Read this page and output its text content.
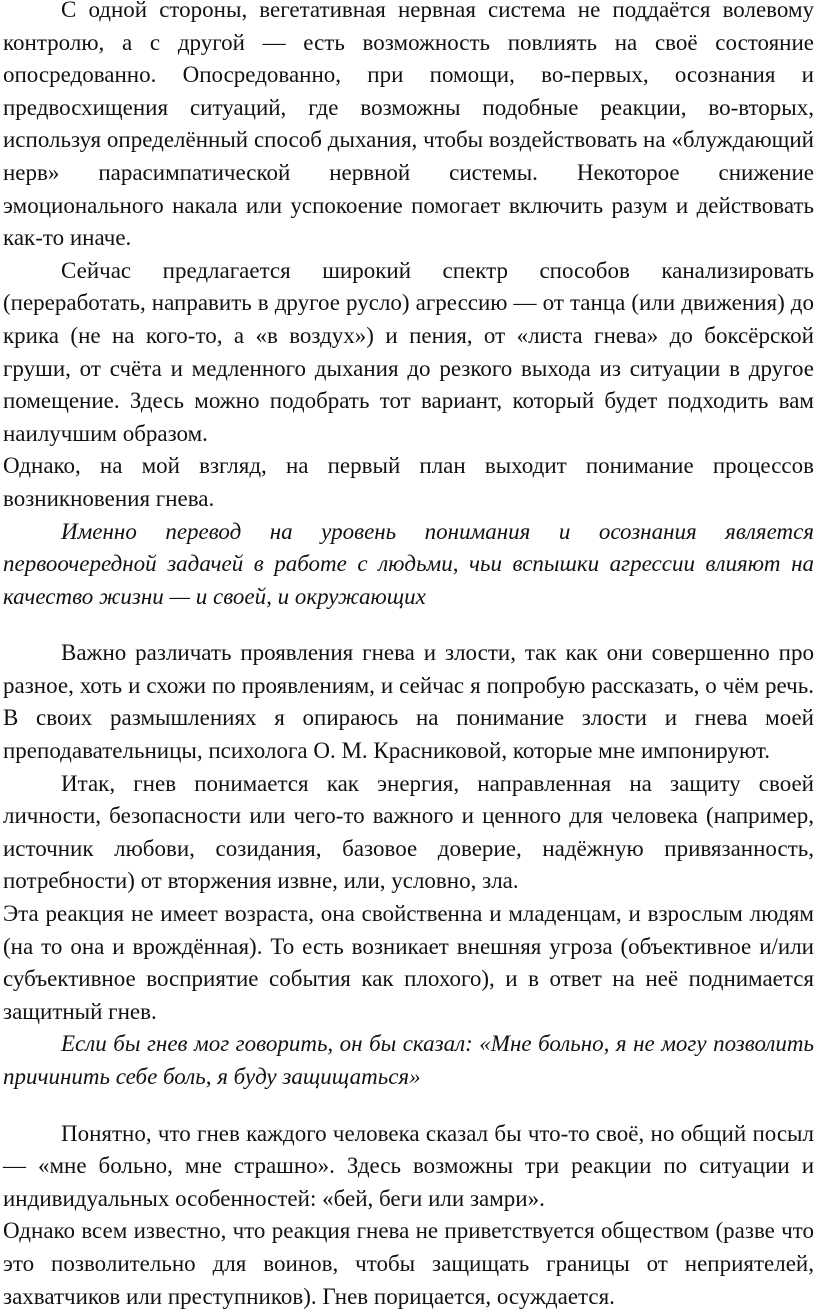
С одной стороны, вегетативная нервная система не поддаётся волевому контролю, а с другой — есть возможность повлиять на своё состояние опосредованно. Опосредованно, при помощи, во-первых, осознания и предвосхищения ситуаций, где возможны подобные реакции, во-вторых, используя определённый способ дыхания, чтобы воздействовать на «блуждающий нерв» парасимпатической нервной системы. Некоторое снижение эмоционального накала или успокоение помогает включить разум и действовать как-то иначе.

Сейчас предлагается широкий спектр способов канализировать (переработать, направить в другое русло) агрессию — от танца (или движения) до крика (не на кого-то, а «в воздух») и пения, от «листа гнева» до боксёрской груши, от счёта и медленного дыхания до резкого выхода из ситуации в другое помещение. Здесь можно подобрать тот вариант, который будет подходить вам наилучшим образом.

Однако, на мой взгляд, на первый план выходит понимание процессов возникновения гнева.

Именно перевод на уровень понимания и осознания является первоочередной задачей в работе с людьми, чьи вспышки агрессии влияют на качество жизни — и своей, и окружающих

Важно различать проявления гнева и злости, так как они совершенно про разное, хоть и схожи по проявлениям, и сейчас я попробую рассказать, о чём речь. В своих размышлениях я опираюсь на понимание злости и гнева моей преподавательницы, психолога О. М. Красниковой, которые мне импонируют.

Итак, гнев понимается как энергия, направленная на защиту своей личности, безопасности или чего-то важного и ценного для человека (например, источник любови, созидания, базовое доверие, надёжную привязанность, потребности) от вторжения извне, или, условно, зла.

Эта реакция не имеет возраста, она свойственна и младенцам, и взрослым людям (на то она и врождённая). То есть возникает внешняя угроза (объективное и/или субъективное восприятие события как плохого), и в ответ на неё поднимается защитный гнев.

Если бы гнев мог говорить, он бы сказал: «Мне больно, я не могу позволить причинить себе боль, я буду защищаться»

Понятно, что гнев каждого человека сказал бы что-то своё, но общий посыл — «мне больно, мне страшно». Здесь возможны три реакции по ситуации и индивидуальных особенностей: «бей, беги или замри».

Однако всем известно, что реакция гнева не приветствуется обществом (разве что это позволительно для воинов, чтобы защищать границы от неприятелей, захватчиков или преступников). Гнев порицается, осуждается.
